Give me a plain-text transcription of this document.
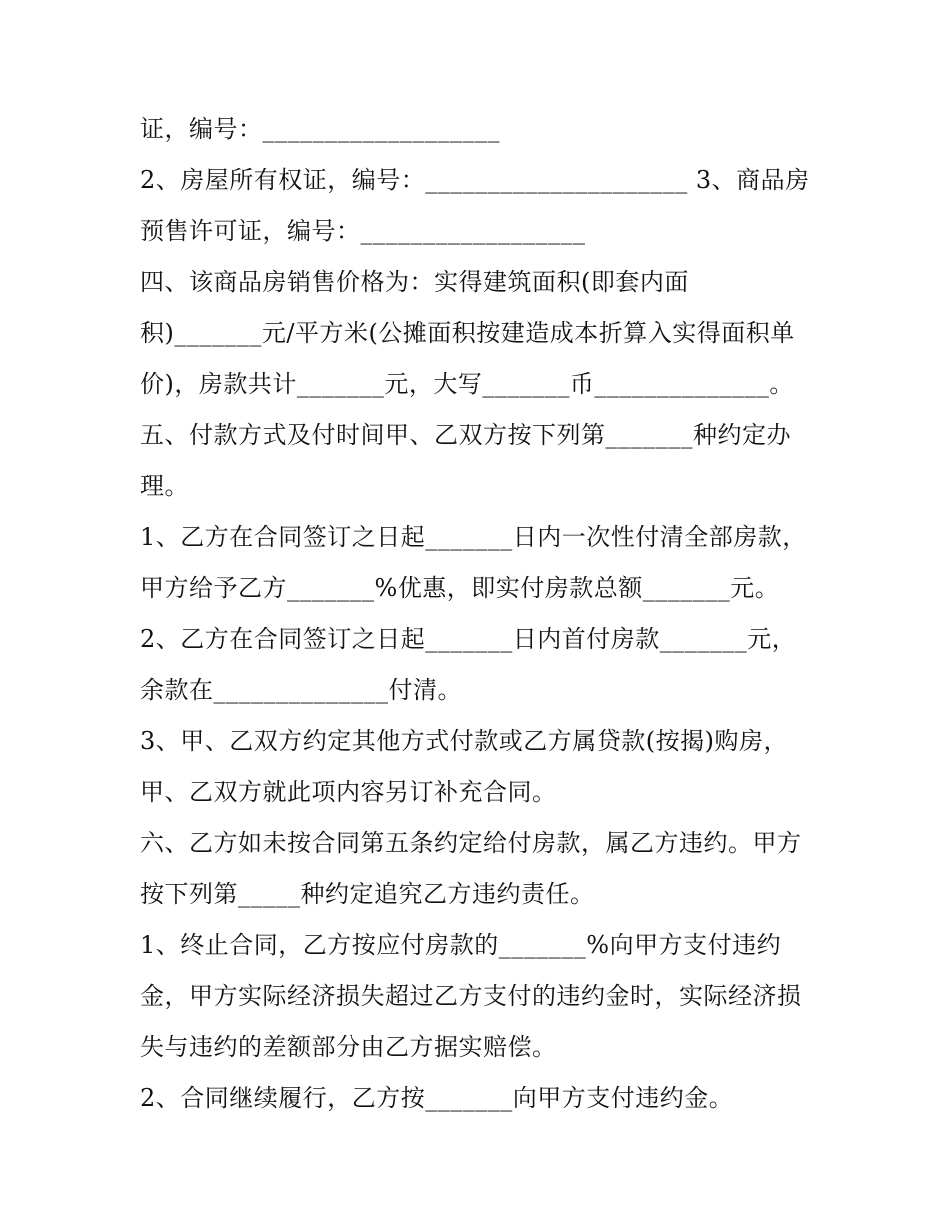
证，编号：___________________
2、房屋所有权证，编号：_____________________ 3、商品房
预售许可证，编号：__________________
四、该商品房销售价格为：实得建筑面积(即套内面
积)_______元/平方米(公摊面积按建造成本折算入实得面积单
价)，房款共计_______元，大写_______币______________。
五、付款方式及付时间甲、乙双方按下列第_______种约定办
理。
1、乙方在合同签订之日起_______日内一次性付清全部房款，
甲方给予乙方_______%优惠，即实付房款总额_______元。
2、乙方在合同签订之日起_______日内首付房款_______元，
余款在______________付清。
3、甲、乙双方约定其他方式付款或乙方属贷款(按揭)购房，
甲、乙双方就此项内容另订补充合同。
六、乙方如未按合同第五条约定给付房款，属乙方违约。甲方
按下列第_____种约定追究乙方违约责任。
1、终止合同，乙方按应付房款的_______%向甲方支付违约
金，甲方实际经济损失超过乙方支付的违约金时，实际经济损
失与违约的差额部分由乙方据实赔偿。
2、合同继续履行，乙方按_______向甲方支付违约金。
